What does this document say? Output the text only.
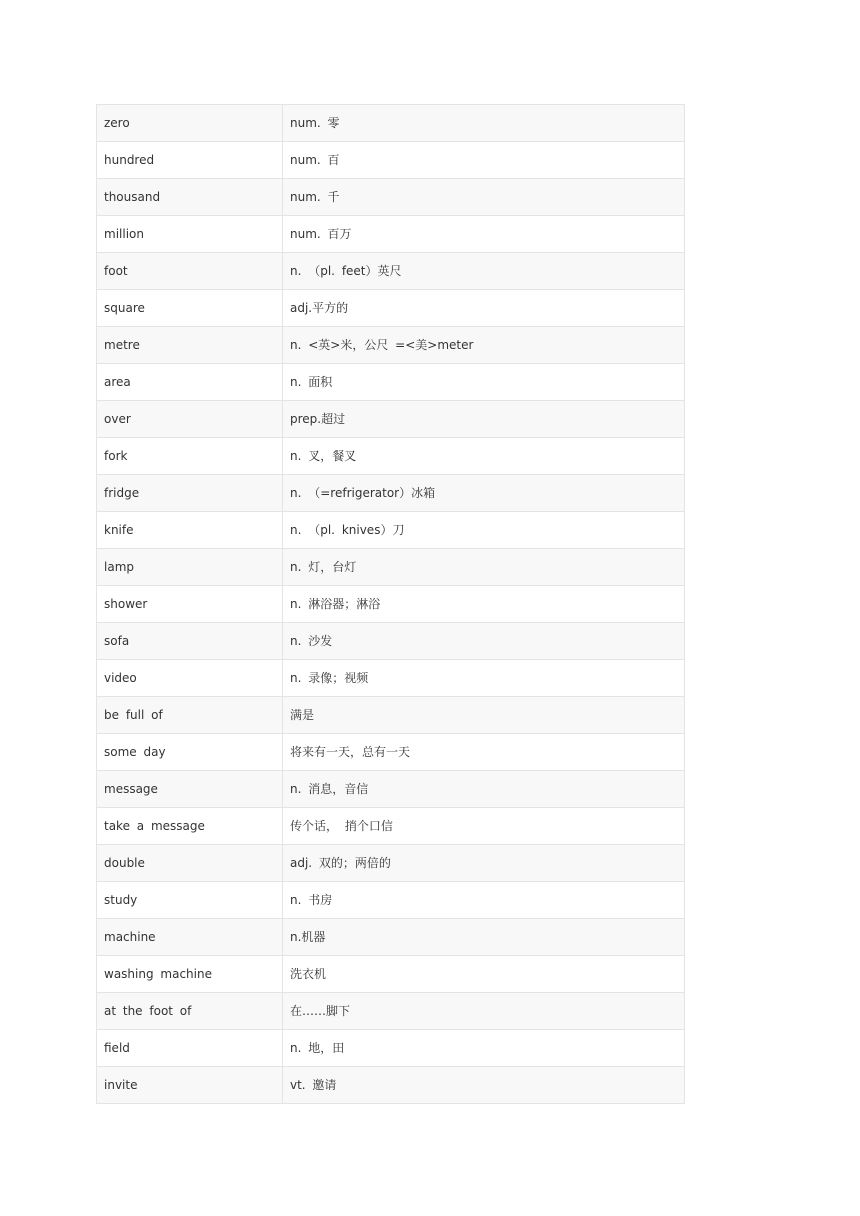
zero	num. 零
hundred	num. 百
thousand	num. 千
million	num. 百万
foot	n. （pl. feet）英尺
square	adj.平方的
metre	n. <英>米，公尺 =<美>meter
area	n. 面积
over	prep.超过
fork	n. 叉，餐叉
fridge	n. （=refrigerator）冰箱
knife	n. （pl. knives）刀
lamp	n. 灯，台灯
shower	n. 淋浴器；淋浴
sofa	n. 沙发
video	n. 录像；视频
be full of	满是
some day	将来有一天，总有一天
message	n. 消息，音信
take a message	传个话， 捎个口信
double	adj. 双的；两倍的
study	n. 书房
machine	n.机器
washing machine	洗衣机
at the foot of	在……脚下
field	n. 地，田
invite	vt. 邀请
